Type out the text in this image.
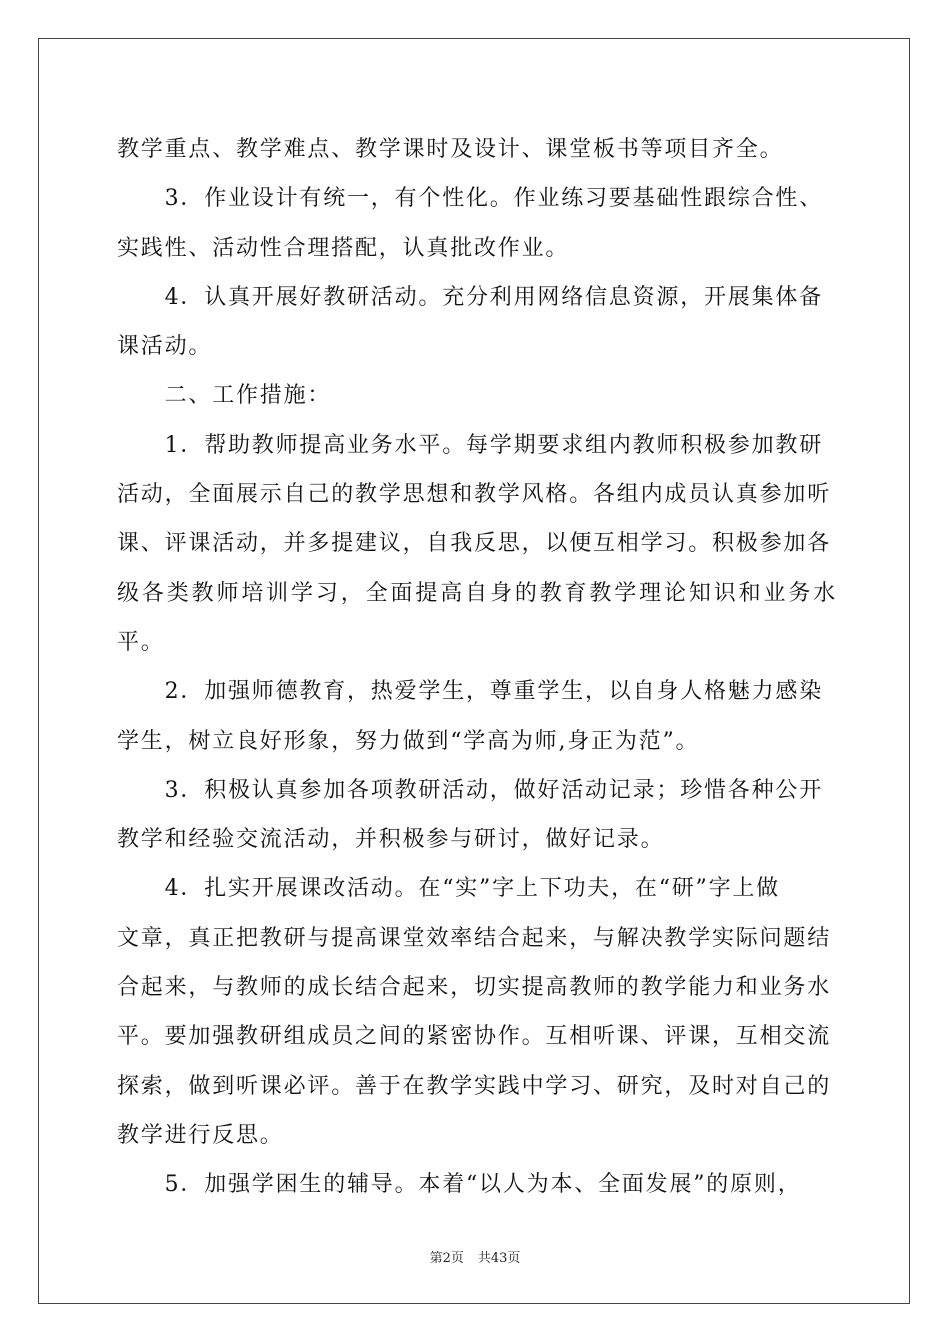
教学重点、教学难点、教学课时及设计、课堂板书等项目齐全。

　　3．作业设计有统一，有个性化。作业练习要基础性跟综合性、

实践性、活动性合理搭配，认真批改作业。

　　4．认真开展好教研活动。充分利用网络信息资源，开展集体备

课活动。

　　二、工作措施：

　　1．帮助教师提高业务水平。每学期要求组内教师积极参加教研

活动，全面展示自己的教学思想和教学风格。各组内成员认真参加听

课、评课活动，并多提建议，自我反思，以便互相学习。积极参加各

级各类教师培训学习，全面提高自身的教育教学理论知识和业务水平。

　　2．加强师德教育，热爱学生，尊重学生，以自身人格魅力感染

学生，树立良好形象，努力做到“学高为师,身正为范”。

　　3．积极认真参加各项教研活动，做好活动记录；珍惜各种公开

教学和经验交流活动，并积极参与研讨，做好记录。

　　4．扎实开展课改活动。在“实”字上下功夫，在“研”字上做

文章，真正把教研与提高课堂效率结合起来，与解决教学实际问题结

合起来，与教师的成长结合起来，切实提高教师的教学能力和业务水

平。要加强教研组成员之间的紧密协作。互相听课、评课，互相交流

探索，做到听课必评。善于在教学实践中学习、研究，及时对自己的

教学进行反思。

　　5．加强学困生的辅导。本着“以人为本、全面发展”的原则，

第2页 共43页
